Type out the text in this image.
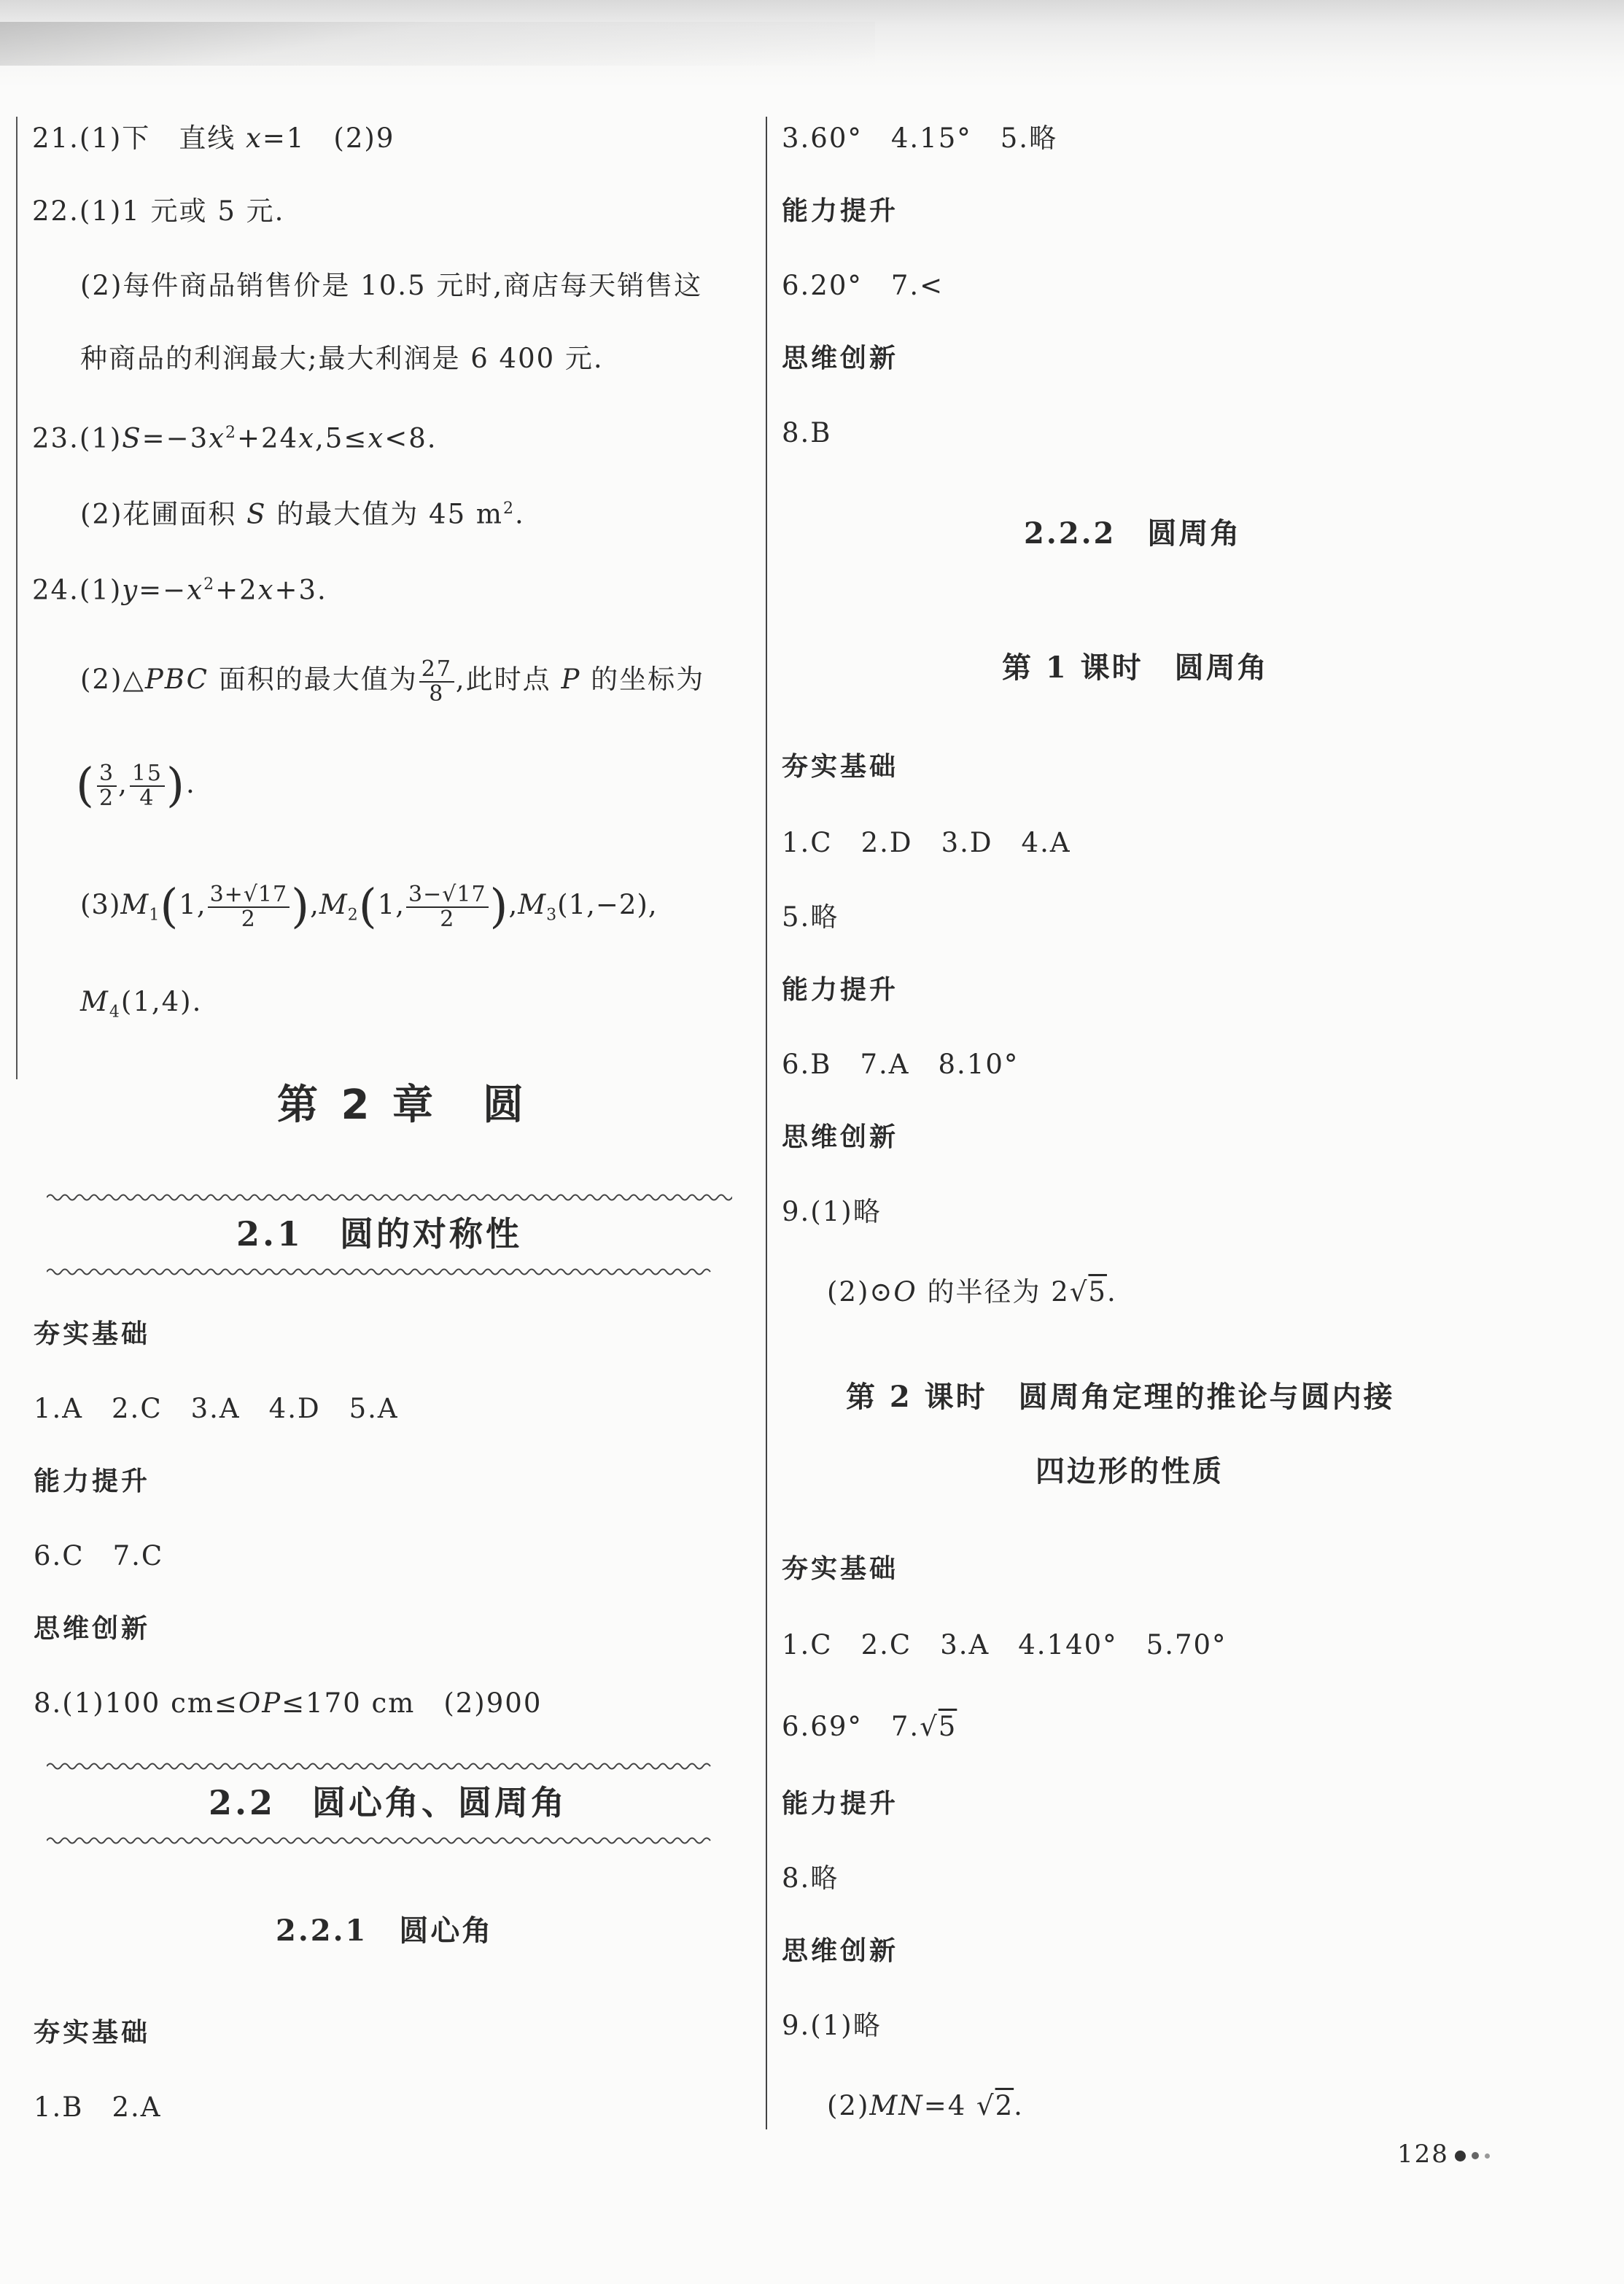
21.(1)下　直线 x=1　(2)9
22.(1)1 元或 5 元.
(2)每件商品销售价是 10.5 元时,商店每天销售这
种商品的利润最大;最大利润是 6 400 元.
$23.(1)S=-3x^2+24x,5\le x<8$.
(2)花圃面积 S 的最大值为 45 $m^2$.
$24.(1)y=-x^2+2x+3$.
(2)△PBC 面积的最大值为 $\frac{27}{8}$ ,此时点 P 的坐标为
( $\frac{3}{2}$ , $\frac{15}{4}$ ).
$(3)M_1(1$, $\frac{3+√17}{2} ),M_2(1$, $\frac{3-√17}{2} ),M_3(1,-2)$,
$M_4(1,4)$.
第 2 章　圆
2.1　圆的对称性
夯实基础
1.A　2.C　3.A　4.D　5.A
能力提升
6.C　7.C
思维创新
8.(1)100 cm≤OP≤170 cm　(2)900
2.2　圆心角、圆周角
2.2.1　圆心角
夯实基础
1.B　2.A
3.60°　4.15°　5.略
能力提升
6.20°　7.<
思维创新
8.B
2.2.2　圆周角
第 1 课时　圆周角
夯实基础
1.C　2.D　3.D　4.A
5.略
能力提升
6.B　7.A　8.10°
思维创新
9.(1)略
(2)⊙O 的半径为 2√5.
第 2 课时　圆周角定理的推论与圆内接
四边形的性质
夯实基础
1.C　2.C　3.A　4.140°　5.70°
6.69°　7.√5
能力提升
8.略
思维创新
9.(1)略
(2)MN=4 √2.
128
